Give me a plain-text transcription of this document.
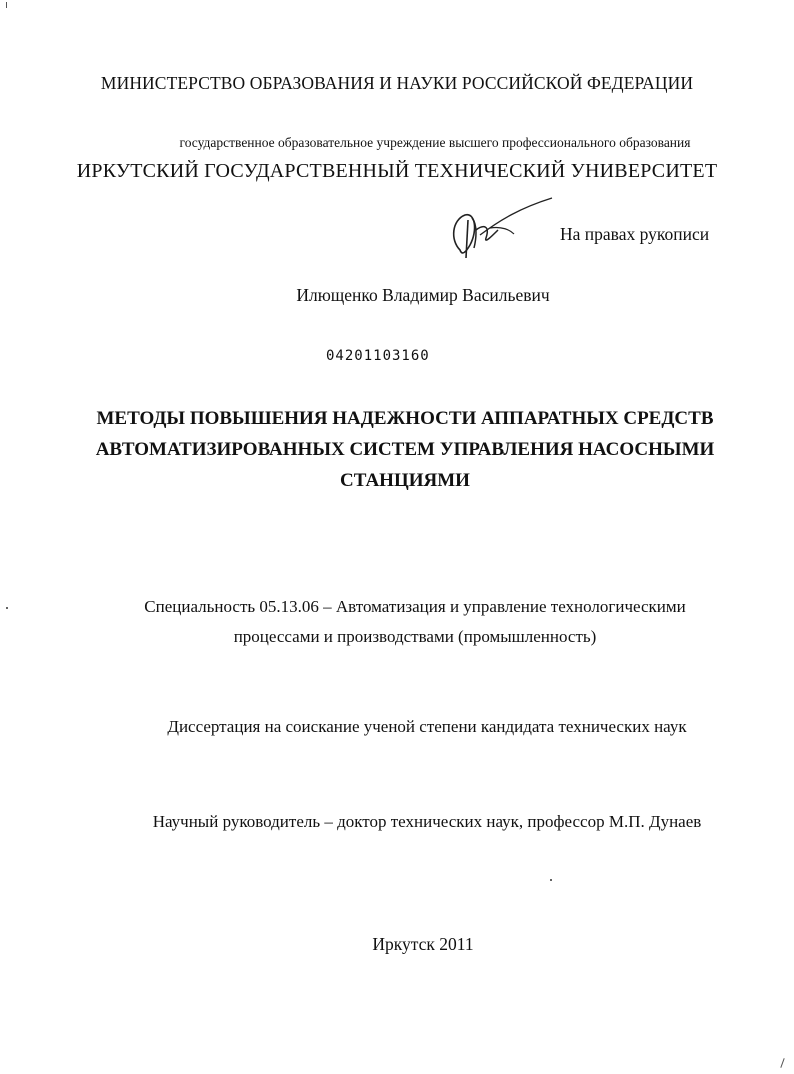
МИНИСТЕРСТВО ОБРАЗОВАНИЯ И НАУКИ РОССИЙСКОЙ ФЕДЕРАЦИИ
государственное образовательное учреждение высшего профессионального образования
ИРКУТСКИЙ ГОСУДАРСТВЕННЫЙ ТЕХНИЧЕСКИЙ УНИВЕРСИТЕТ
На правах рукописи
Илющенко Владимир Васильевич
04201103160
МЕТОДЫ ПОВЫШЕНИЯ НАДЕЖНОСТИ АППАРАТНЫХ СРЕДСТВ
АВТОМАТИЗИРОВАННЫХ СИСТЕМ УПРАВЛЕНИЯ НАСОСНЫМИ
СТАНЦИЯМИ
Специальность 05.13.06 – Автоматизация и управление технологическими
процессами и производствами (промышленность)
Диссертация на соискание ученой степени кандидата технических наук
Научный руководитель – доктор технических наук, профессор М.П. Дунаев
Иркутск 2011
